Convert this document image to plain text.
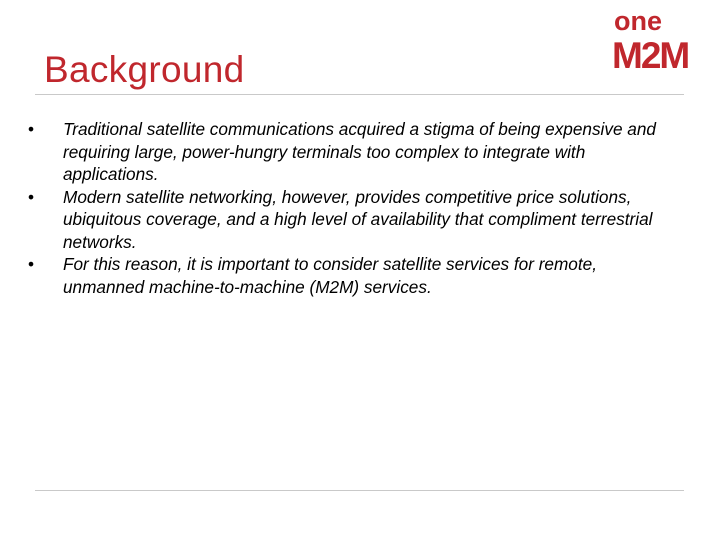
Background
one
M2M
• Traditional satellite communications acquired a stigma of being expensive and requiring large, power-hungry terminals too complex to integrate with applications.
• Modern satellite networking, however, provides competitive price solutions, ubiquitous coverage, and a high level of availability that compliment terrestrial networks.
• For this reason, it is important to consider satellite services for remote, unmanned machine-to-machine (M2M) services.
